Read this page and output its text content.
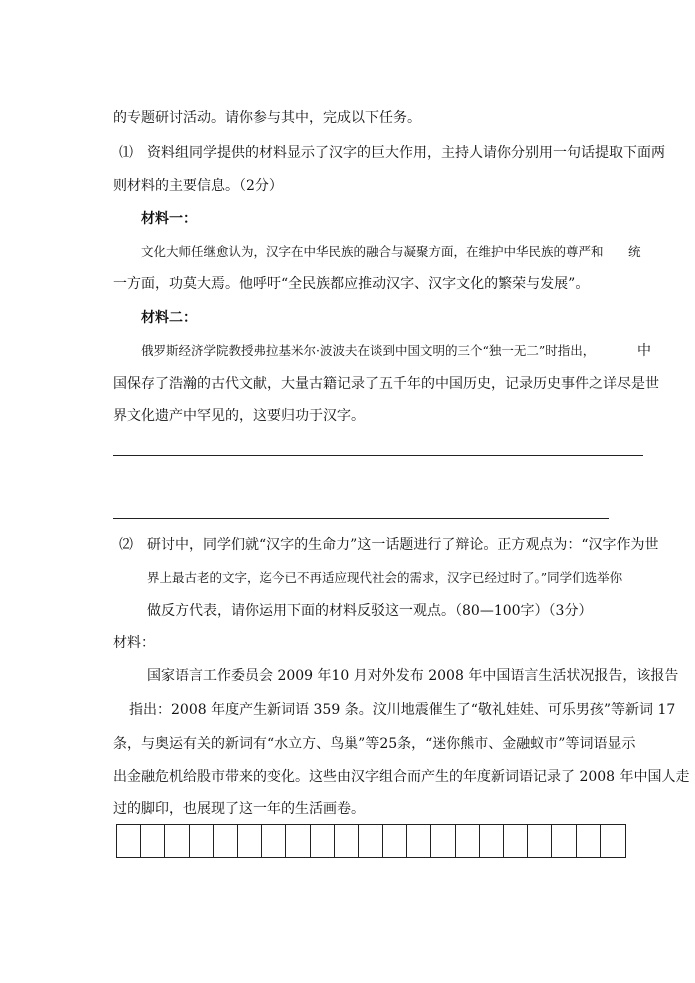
的专题研讨活动。请你参与其中，完成以下任务。
⑴ 资料组同学提供的材料显示了汉字的巨大作用，主持人请你分别用一句话提取下面两
则材料的主要信息。（2分）
材料一：
文化大师任继愈认为，汉字在中华民族的融合与凝聚方面，在维护中华民族的尊严和 统
一方面，功莫大焉。他呼吁“全民族都应推动汉字、汉字文化的繁荣与发展”。
材料二：
俄罗斯经济学院教授弗拉基米尔·波波夫在谈到中国文明的三个“独一无二”时指出，	中
国保存了浩瀚的古代文献，大量古籍记录了五千年的中国历史，记录历史事件之详尽是世
界文化遗产中罕见的，这要归功于汉字。
⑵ 研讨中，同学们就“汉字的生命力”这一话题进行了辩论。正方观点为：“汉字作为世
界上最古老的文字，迄今已不再适应现代社会的需求，汉字已经过时了。”同学们选举你
做反方代表，请你运用下面的材料反驳这一观点。（80—100字）（3分）
材料：
国家语言工作委员会 2009 年10 月对外发布 2008 年中国语言生活状况报告，该报告
指出：2008 年度产生新词语 359 条。汶川地震催生了“敬礼娃娃、可乐男孩”等新词 17
条，与奥运有关的新词有“水立方、鸟巢”等25条，“迷你熊市、金融蚁市”等词语显示
出金融危机给股市带来的变化。这些由汉字组合而产生的年度新词语记录了 2008 年中国人走
过的脚印，也展现了这一年的生活画卷。
